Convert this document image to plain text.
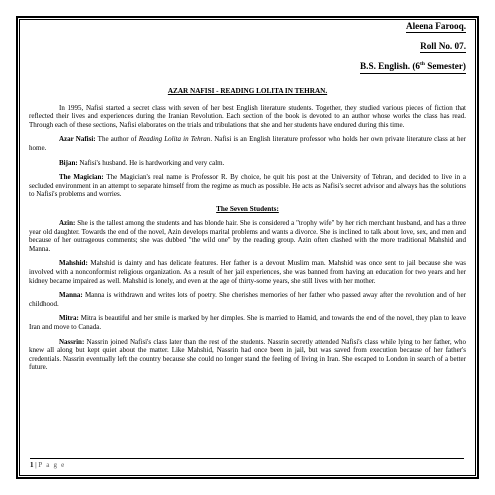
Aleena Farooq.
Roll No. 07.
B.S. English. (6th Semester)
AZAR NAFISI - READING LOLITA IN TEHRAN.

In 1995, Nafisi started a secret class with seven of her best English literature students. Together, they studied various pieces of fiction that reflected their lives and experiences during the Iranian Revolution. Each section of the book is devoted to an author whose works the class has read. Through each of these sections, Nafisi elaborates on the trials and tribulations that she and her students have endured during this time.

Azar Nafisi: The author of Reading Lolita in Tehran. Nafisi is an English literature professor who holds her own private literature class at her home.

Bijan: Nafisi's husband. He is hardworking and very calm.

The Magician: The Magician's real name is Professor R. By choice, he quit his post at the University of Tehran, and decided to live in a secluded environment in an attempt to separate himself from the regime as much as possible. He acts as Nafisi's secret advisor and always has the solutions to Nafisi's problems and worries.

The Seven Students:

Azin: She is the tallest among the students and has blonde hair. She is considered a "trophy wife" by her rich merchant husband, and has a three year old daughter. Towards the end of the novel, Azin develops marital problems and wants a divorce. She is inclined to talk about love, sex, and men and because of her outrageous comments; she was dubbed "the wild one" by the reading group. Azin often clashed with the more traditional Mahshid and Manna.

Mahshid: Mahshid is dainty and has delicate features. Her father is a devout Muslim man. Mahshid was once sent to jail because she was involved with a nonconformist religious organization. As a result of her jail experiences, she was banned from having an education for two years and her kidney became impaired as well. Mahshid is lonely, and even at the age of thirty-some years, she still lives with her mother.

Manna: Manna is withdrawn and writes lots of poetry. She cherishes memories of her father who passed away after the revolution and of her childhood.

Mitra: Mitra is beautiful and her smile is marked by her dimples. She is married to Hamid, and towards the end of the novel, they plan to leave Iran and move to Canada.

Nassrin: Nassrin joined Nafisi's class later than the rest of the students. Nassrin secretly attended Nafisi's class while lying to her father, who knew all along but kept quiet about the matter. Like Mahshid, Nassrin had once been in jail, but was saved from execution because of her father's credentials. Nassrin eventually left the country because she could no longer stand the feeling of living in Iran. She escaped to London in search of a better future.

1 | P a g e
